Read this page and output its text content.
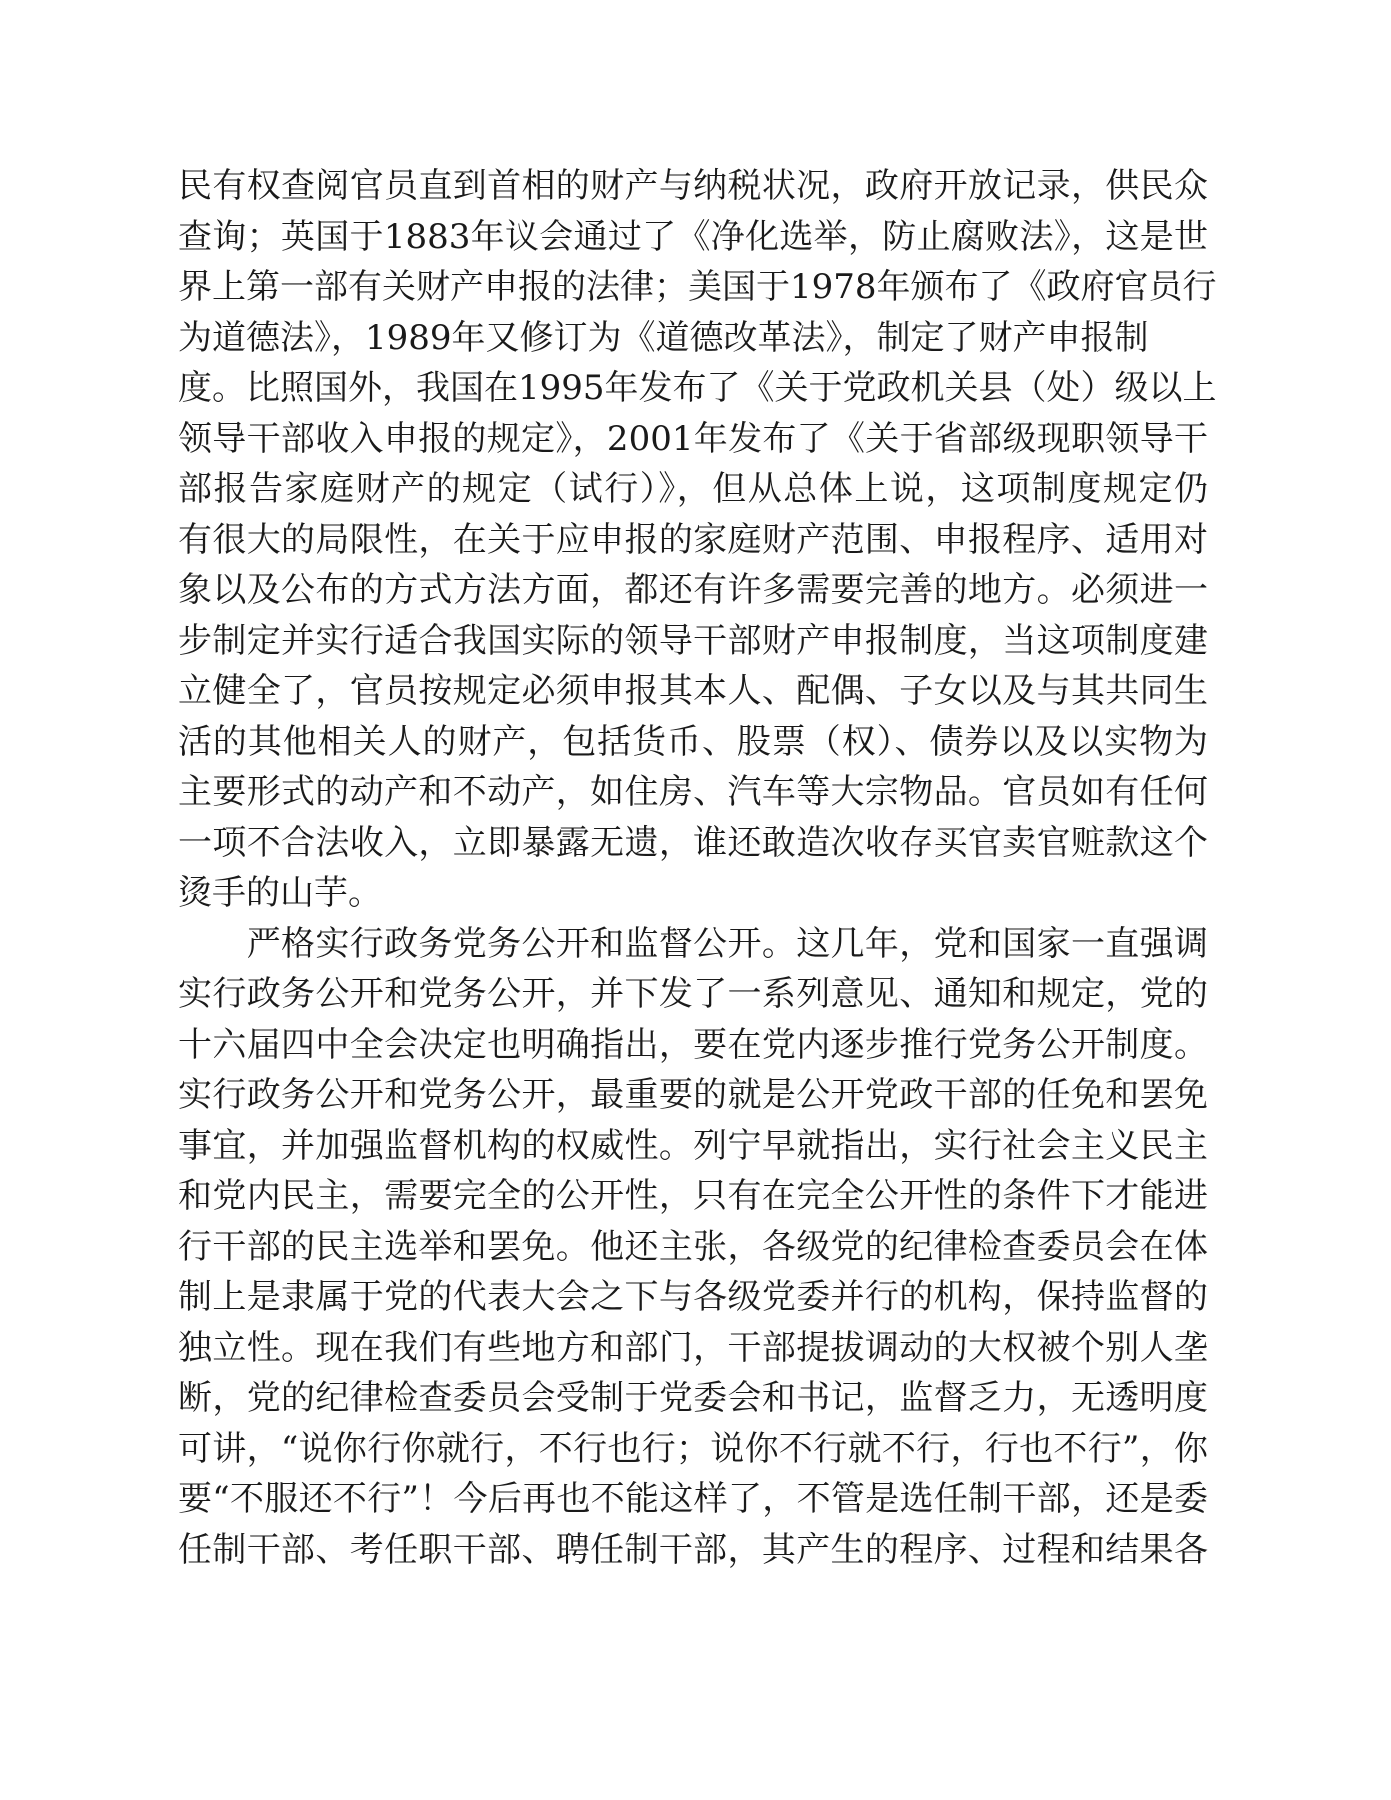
民有权查阅官员直到首相的财产与纳税状况，政府开放记录，供民众
查询；英国于1883年议会通过了《净化选举，防止腐败法》，这是世
界上第一部有关财产申报的法律；美国于1978年颁布了《政府官员行
为道德法》，1989年又修订为《道德改革法》，制定了财产申报制
度。比照国外，我国在1995年发布了《关于党政机关县（处）级以上
领导干部收入申报的规定》，2001年发布了《关于省部级现职领导干
部报告家庭财产的规定（试行）》，但从总体上说，这项制度规定仍
有很大的局限性，在关于应申报的家庭财产范围、申报程序、适用对
象以及公布的方式方法方面，都还有许多需要完善的地方。必须进一
步制定并实行适合我国实际的领导干部财产申报制度，当这项制度建
立健全了，官员按规定必须申报其本人、配偶、子女以及与其共同生
活的其他相关人的财产，包括货币、股票（权）、债券以及以实物为
主要形式的动产和不动产，如住房、汽车等大宗物品。官员如有任何
一项不合法收入，立即暴露无遗，谁还敢造次收存买官卖官赃款这个
烫手的山芋。
　　严格实行政务党务公开和监督公开。这几年，党和国家一直强调
实行政务公开和党务公开，并下发了一系列意见、通知和规定，党的
十六届四中全会决定也明确指出，要在党内逐步推行党务公开制度。
实行政务公开和党务公开，最重要的就是公开党政干部的任免和罢免
事宜，并加强监督机构的权威性。列宁早就指出，实行社会主义民主
和党内民主，需要完全的公开性，只有在完全公开性的条件下才能进
行干部的民主选举和罢免。他还主张，各级党的纪律检查委员会在体
制上是隶属于党的代表大会之下与各级党委并行的机构，保持监督的
独立性。现在我们有些地方和部门，干部提拔调动的大权被个别人垄
断，党的纪律检查委员会受制于党委会和书记，监督乏力，无透明度
可讲，“说你行你就行，不行也行；说你不行就不行，行也不行”，你
要“不服还不行”！今后再也不能这样了，不管是选任制干部，还是委
任制干部、考任职干部、聘任制干部，其产生的程序、过程和结果各
